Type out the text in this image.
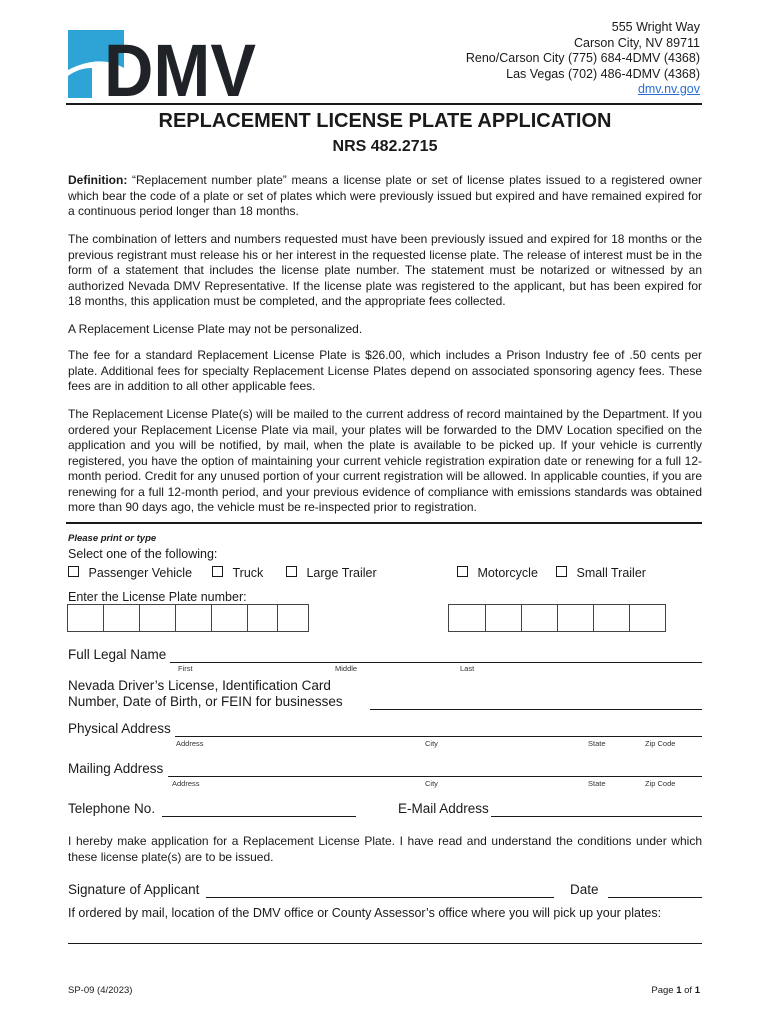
DMV
555 Wright Way
Carson City, NV 89711
Reno/Carson City (775) 684-4DMV (4368)
Las Vegas (702) 486-4DMV (4368)
dmv.nv.gov
REPLACEMENT LICENSE PLATE APPLICATION
NRS 482.2715
Definition: “Replacement number plate” means a license plate or set of license plates issued to a registered owner which bear the code of a plate or set of plates which were previously issued but expired and have remained expired for a continuous period longer than 18 months.
The combination of letters and numbers requested must have been previously issued and expired for 18 months or the previous registrant must release his or her interest in the requested license plate. The release of interest must be in the form of a statement that includes the license plate number. The statement must be notarized or witnessed by an authorized Nevada DMV Representative. If the license plate was registered to the applicant, but has been expired for 18 months, this application must be completed, and the appropriate fees collected.
A Replacement License Plate may not be personalized.
The fee for a standard Replacement License Plate is $26.00, which includes a Prison Industry fee of .50 cents per plate. Additional fees for specialty Replacement License Plates depend on associated sponsoring agency fees. These fees are in addition to all other applicable fees.
The Replacement License Plate(s) will be mailed to the current address of record maintained by the Department. If you ordered your Replacement License Plate via mail, your plates will be forwarded to the DMV Location specified on the application and you will be notified, by mail, when the plate is available to be picked up. If your vehicle is currently registered, you have the option of maintaining your current vehicle registration expiration date or renewing for a full 12- month period. Credit for any unused portion of your current registration will be allowed. In applicable counties, if you are renewing for a full 12-month period, and your previous evidence of compliance with emissions standards was obtained more than 90 days ago, the vehicle must be re-inspected prior to registration.
Please print or type
Select one of the following:
Passenger Vehicle	Truck	Large Trailer	Motorcycle	Small Trailer
Enter the License Plate number:
Full Legal Name
First	Middle	Last
Nevada Driver’s License, Identification Card
Number, Date of Birth, or FEIN for businesses
Physical Address
Address	City	State	Zip Code
Mailing Address
Address	City	State	Zip Code
Telephone No.	E-Mail Address
I hereby make application for a Replacement License Plate. I have read and understand the conditions under which these license plate(s) are to be issued.
Signature of Applicant	Date
If ordered by mail, location of the DMV office or County Assessor’s office where you will pick up your plates:
SP-09 (4/2023)	Page 1 of 1
